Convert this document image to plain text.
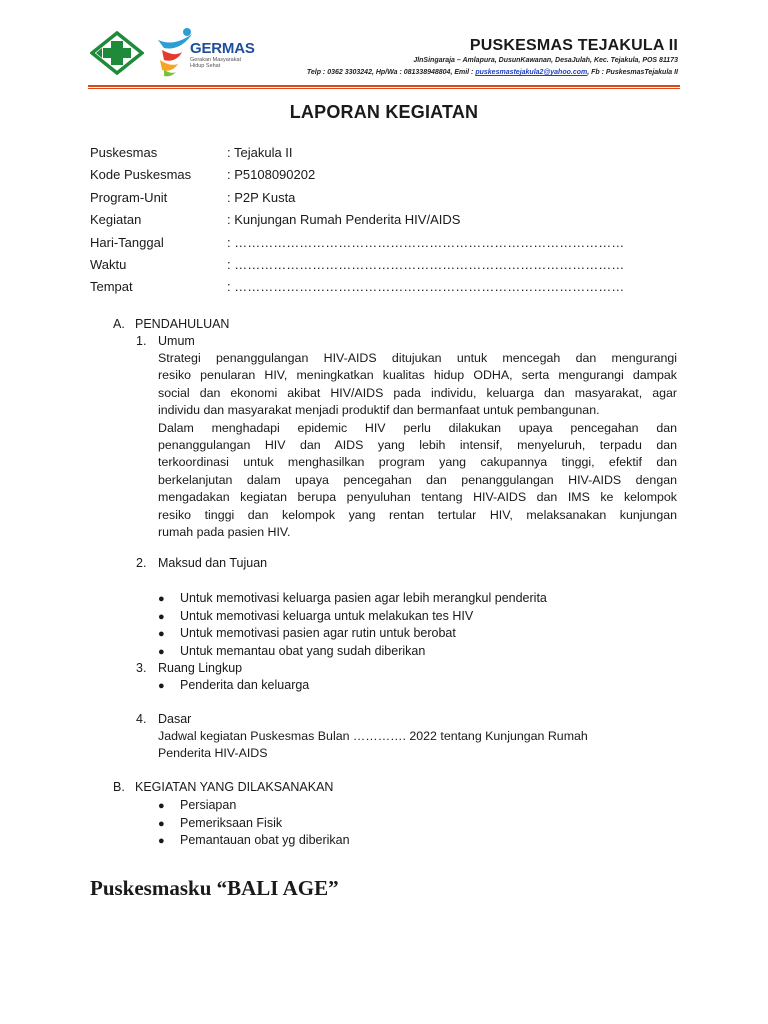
GERMAS
Gerakan Masyarakat Hidup Sehat
PUSKESMAS TEJAKULA II
JlnSingaraja – Amlapura, DusunKawanan, DesaJulah, Kec. Tejakula, POS 81173
Telp : 0362 3303242, Hp/Wa : 081338948804, Emil : puskesmastejakula2@yahoo.com, Fb : PuskesmasTejakula II
LAPORAN KEGIATAN
Puskesmas	: Tejakula II
Kode Puskesmas	: P5108090202
Program-Unit	: P2P Kusta
Kegiatan	: Kunjungan Rumah Penderita HIV/AIDS
Hari-Tanggal	: ………………………………………………………………………………
Waktu	: ………………………………………………………………………………
Tempat	: ………………………………………………………………………………
A. PENDAHULUAN
1. Umum
Strategi penanggulangan HIV-AIDS ditujukan untuk mencegah dan mengurangi
resiko penularan HIV, meningkatkan kualitas hidup ODHA, serta mengurangi dampak
social dan ekonomi akibat HIV/AIDS pada individu, keluarga dan masyarakat, agar
individu dan masyarakat menjadi produktif dan bermanfaat untuk pembangunan.
Dalam menghadapi epidemic HIV perlu dilakukan upaya pencegahan dan
penanggulangan HIV dan AIDS yang lebih intensif, menyeluruh, terpadu dan
terkoordinasi untuk menghasilkan program yang cakupannya tinggi, efektif dan
berkelanjutan dalam upaya pencegahan dan penanggulangan HIV-AIDS dengan
mengadakan kegiatan berupa penyuluhan tentang HIV-AIDS dan IMS ke kelompok
resiko tinggi dan kelompok yang rentan tertular HIV, melaksanakan kunjungan
rumah pada pasien HIV.
2. Maksud dan Tujuan
● Untuk memotivasi keluarga pasien agar lebih merangkul penderita
● Untuk memotivasi keluarga untuk melakukan tes HIV
● Untuk memotivasi pasien agar rutin untuk berobat
● Untuk memantau obat yang sudah diberikan
3. Ruang Lingkup
● Penderita dan keluarga
4. Dasar
Jadwal kegiatan Puskesmas Bulan …………. 2022 tentang Kunjungan Rumah
Penderita HIV-AIDS
B. KEGIATAN YANG DILAKSANAKAN
● Persiapan
● Pemeriksaan Fisik
● Pemantauan obat yg diberikan
Puskesmasku “BALI AGE”
